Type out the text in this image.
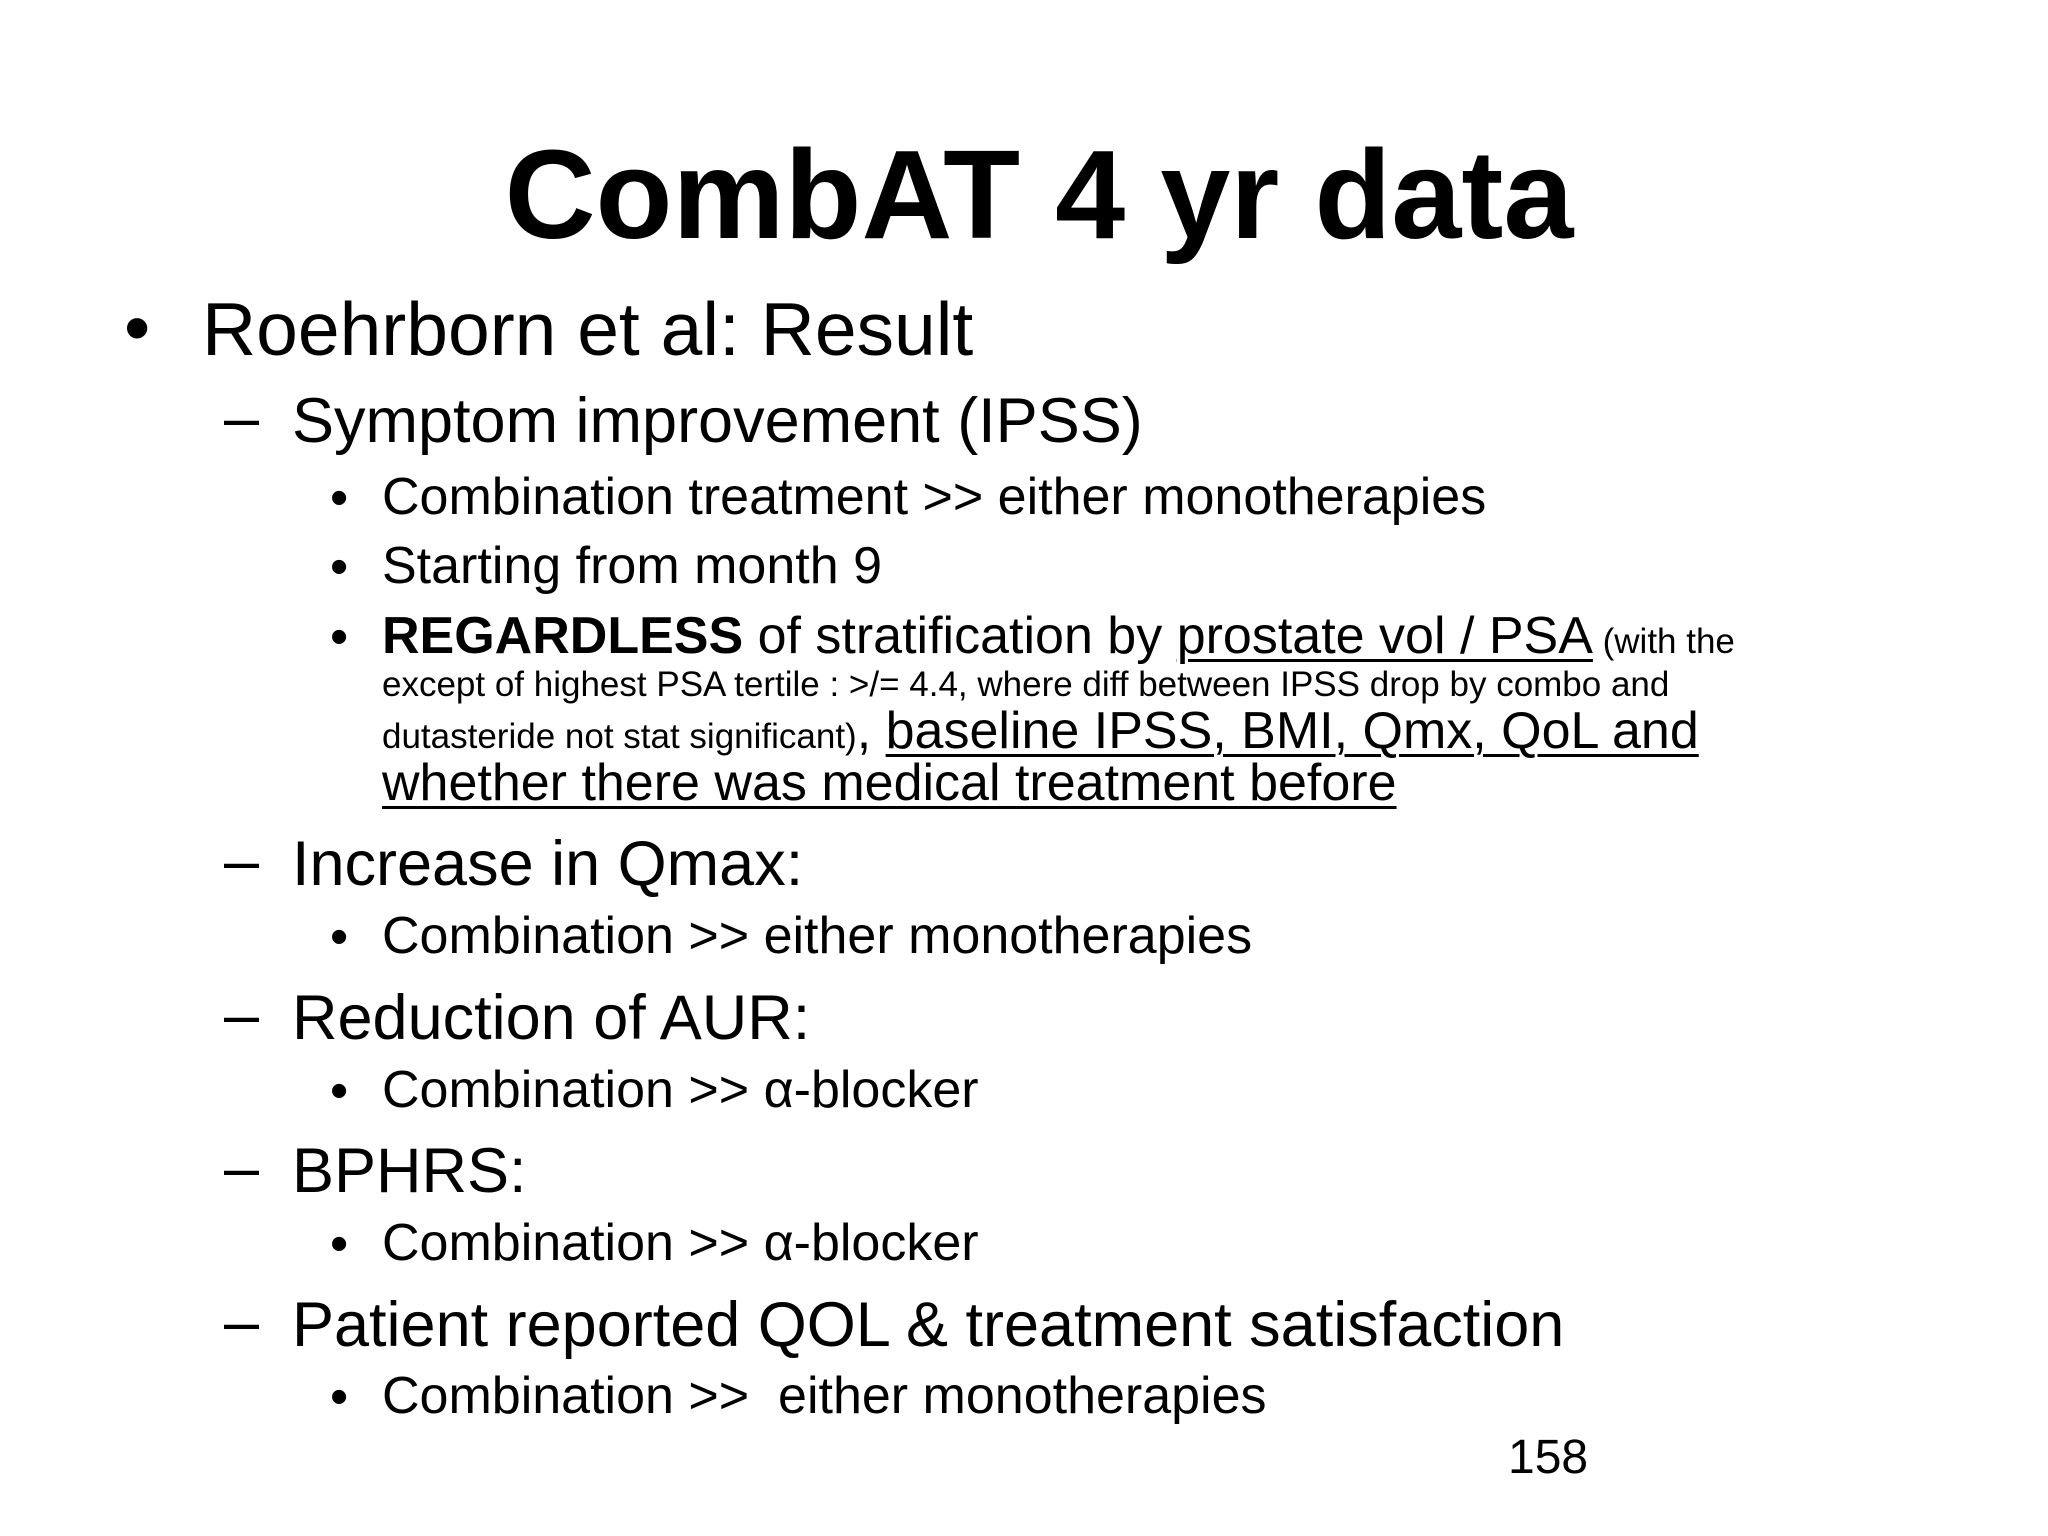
CombAT 4 yr data
• Roehrborn et al: Result
– Symptom improvement (IPSS)
• Combination treatment >> either monotherapies
• Starting from month 9
• REGARDLESS of stratification by prostate vol / PSA (with the
except of highest PSA tertile : >/= 4.4, where diff between IPSS drop by combo and
dutasteride not stat significant), baseline IPSS, BMI, Qmx, QoL and
whether there was medical treatment before
– Increase in Qmax:
• Combination >> either monotherapies
– Reduction of AUR:
• Combination >> α-blocker
– BPHRS:
• Combination >> α-blocker
– Patient reported QOL & treatment satisfaction
• Combination >>  either monotherapies
158
